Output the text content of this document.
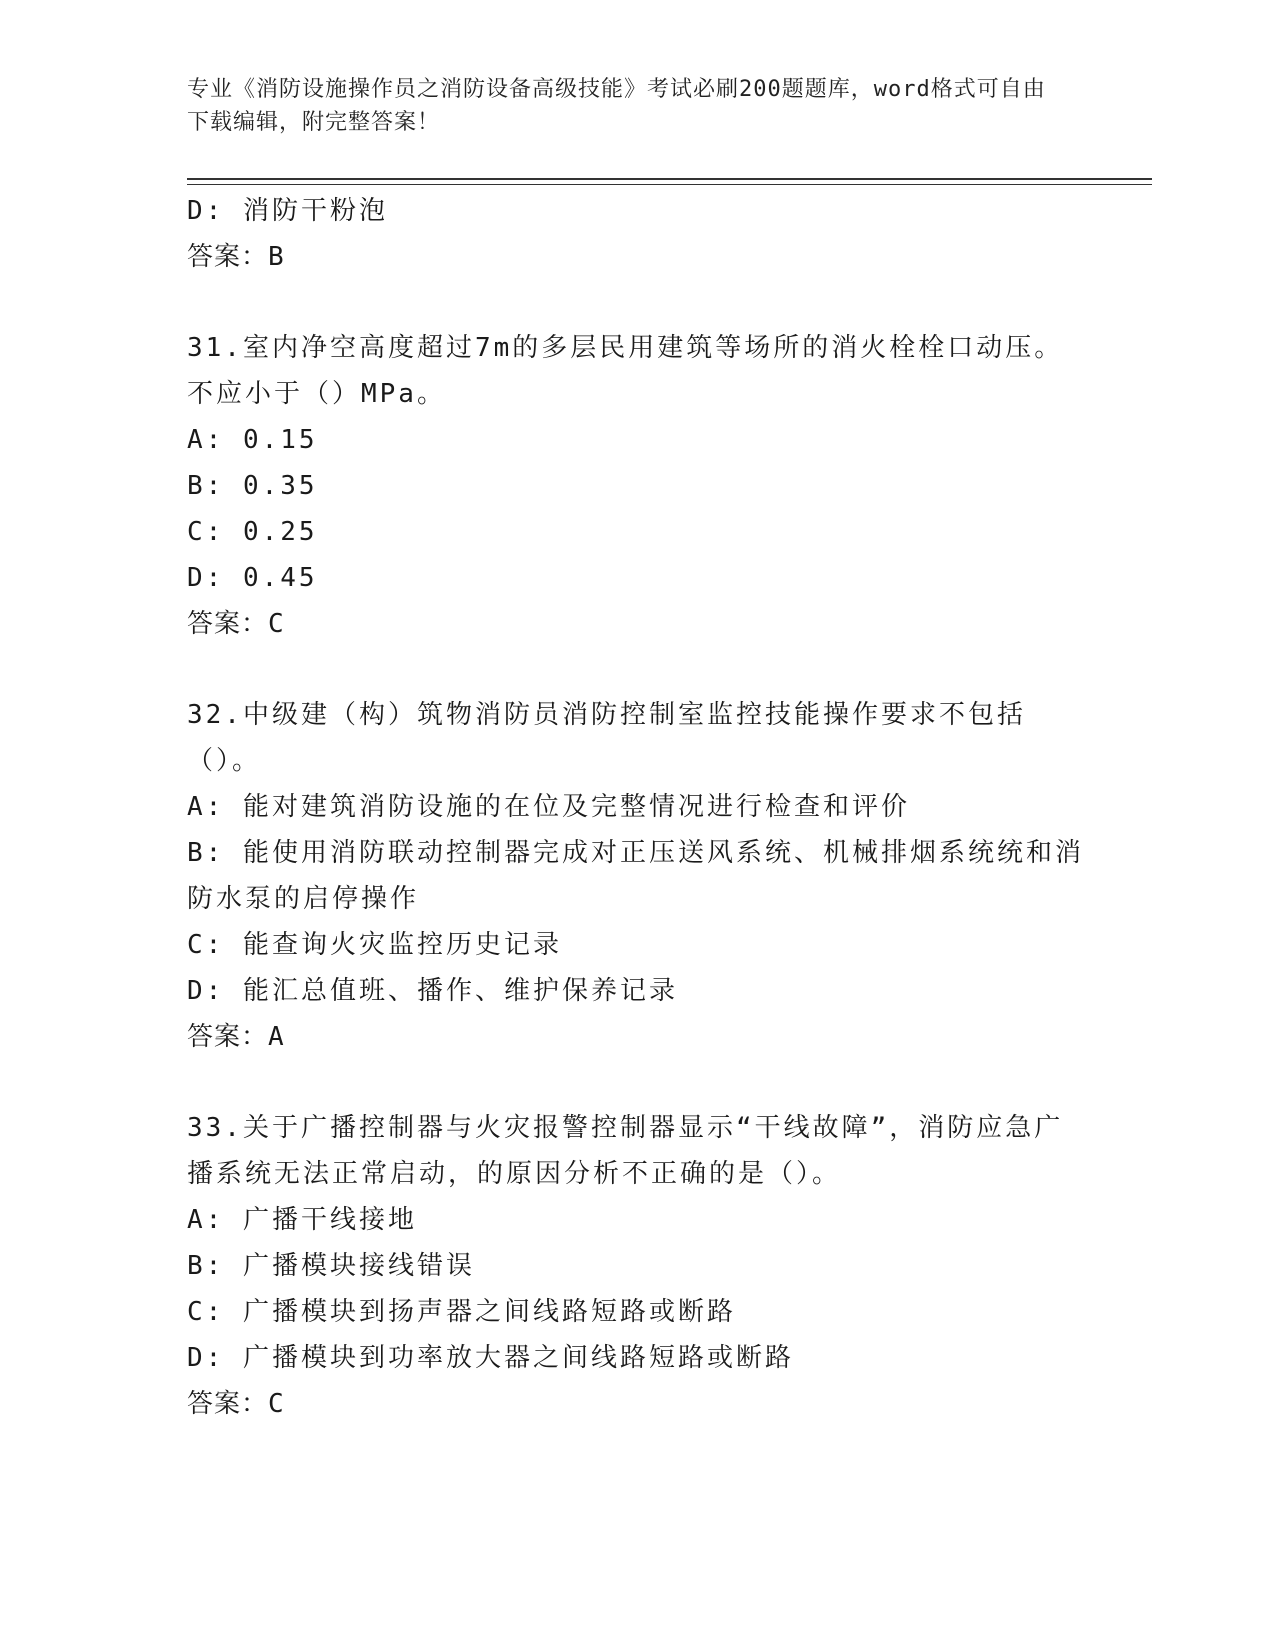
专业《消防设施操作员之消防设备高级技能》考试必刷200题题库，word格式可自由下载编辑，附完整答案！

D: 消防干粉泡

答案：B

31.室内净空高度超过7m的多层民用建筑等场所的消火栓栓口动压。不应小于（）MPa。

A: 0.15

B: 0.35

C: 0.25

D: 0.45

答案：C

32.中级建（构）筑物消防员消防控制室监控技能操作要求不包括（）。

A: 能对建筑消防设施的在位及完整情况进行检查和评价

B: 能使用消防联动控制器完成对正压送风系统、机械排烟系统统和消防水泵的启停操作

C: 能查询火灾监控历史记录

D: 能汇总值班、播作、维护保养记录

答案：A

33.关于广播控制器与火灾报警控制器显示“干线故障”，消防应急广播系统无法正常启动，的原因分析不正确的是（）。

A: 广播干线接地

B: 广播模块接线错误

C: 广播模块到扬声器之间线路短路或断路

D: 广播模块到功率放大器之间线路短路或断路

答案：C
